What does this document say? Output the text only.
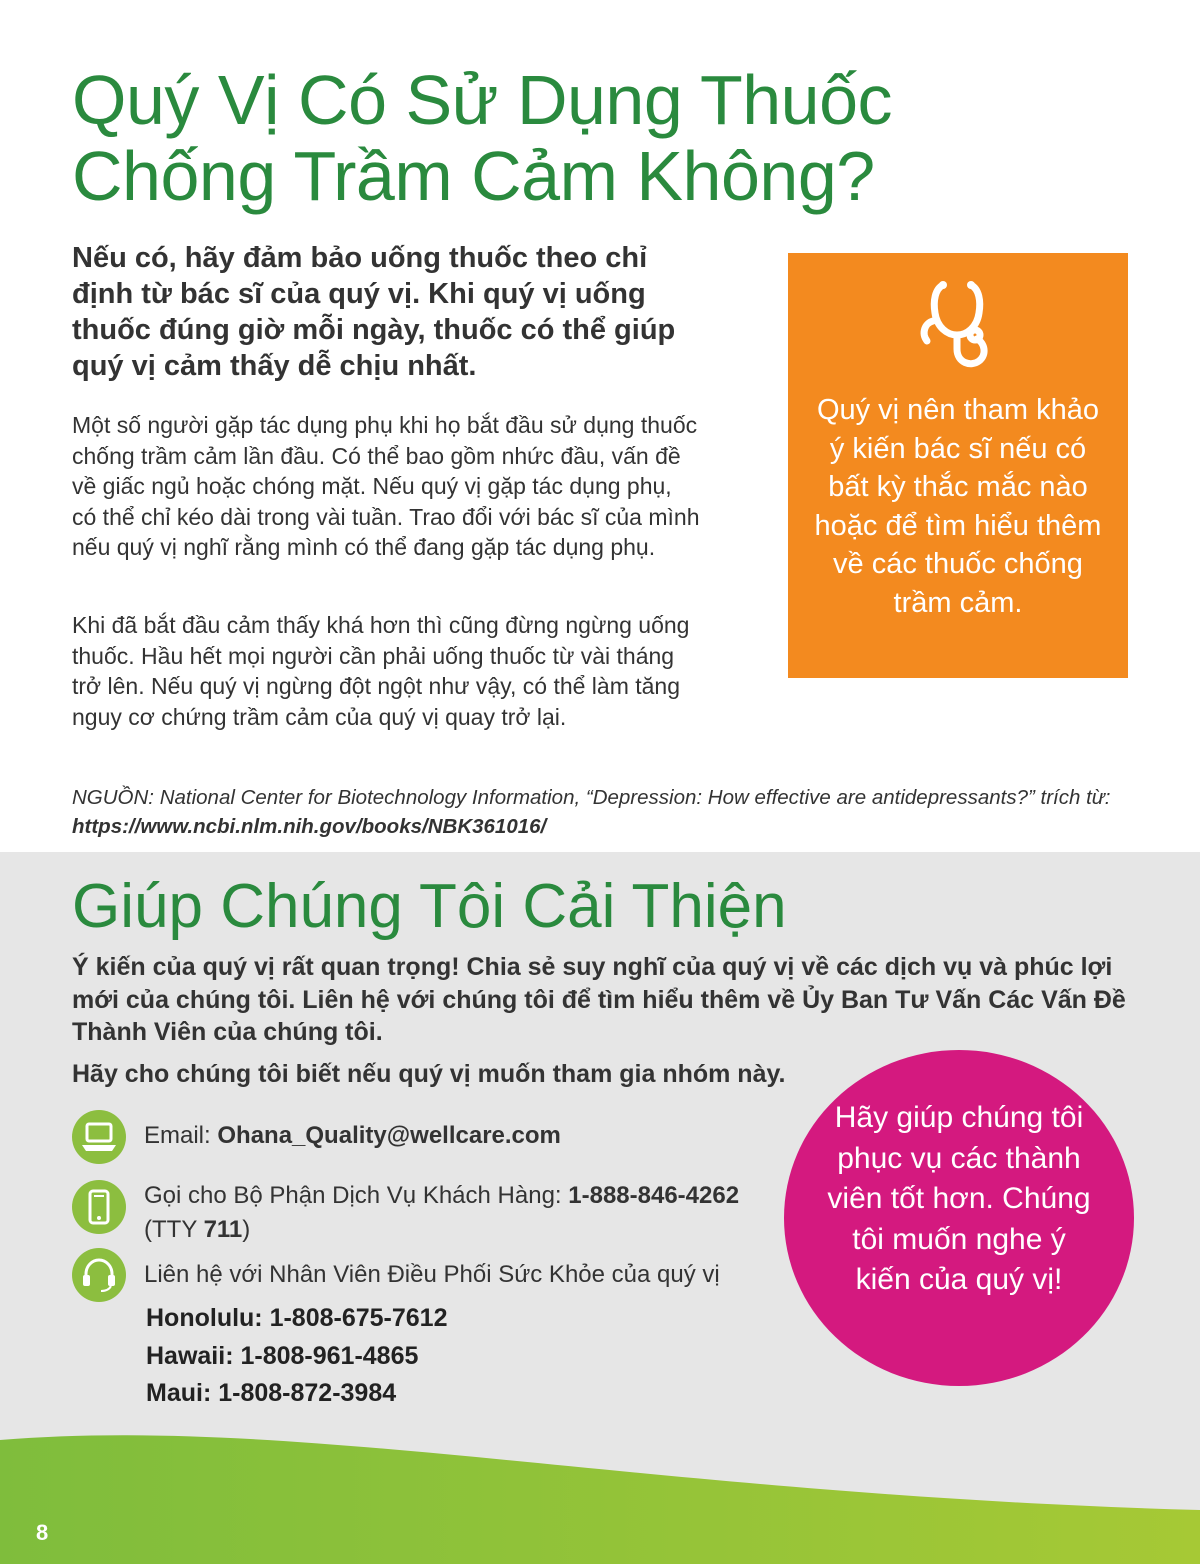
Quý Vị Có Sử Dụng Thuốc Chống Trầm Cảm Không?

Nếu có, hãy đảm bảo uống thuốc theo chỉ định từ bác sĩ của quý vị. Khi quý vị uống thuốc đúng giờ mỗi ngày, thuốc có thể giúp quý vị cảm thấy dễ chịu nhất.

Một số người gặp tác dụng phụ khi họ bắt đầu sử dụng thuốc chống trầm cảm lần đầu. Có thể bao gồm nhức đầu, vấn đề về giấc ngủ hoặc chóng mặt. Nếu quý vị gặp tác dụng phụ, có thể chỉ kéo dài trong vài tuần. Trao đổi với bác sĩ của mình nếu quý vị nghĩ rằng mình có thể đang gặp tác dụng phụ.

Khi đã bắt đầu cảm thấy khá hơn thì cũng đừng ngừng uống thuốc. Hầu hết mọi người cần phải uống thuốc từ vài tháng trở lên. Nếu quý vị ngừng đột ngột như vậy, có thể làm tăng nguy cơ chứng trầm cảm của quý vị quay trở lại.

Quý vị nên tham khảo ý kiến bác sĩ nếu có bất kỳ thắc mắc nào hoặc để tìm hiểu thêm về các thuốc chống trầm cảm.

NGUỒN: National Center for Biotechnology Information, “Depression: How effective are antidepressants?” trích từ:
https://www.ncbi.nlm.nih.gov/books/NBK361016/

Giúp Chúng Tôi Cải Thiện

Ý kiến của quý vị rất quan trọng! Chia sẻ suy nghĩ của quý vị về các dịch vụ và phúc lợi mới của chúng tôi. Liên hệ với chúng tôi để tìm hiểu thêm về Ủy Ban Tư Vấn Các Vấn Đề Thành Viên của chúng tôi.

Hãy cho chúng tôi biết nếu quý vị muốn tham gia nhóm này.

Email: Ohana_Quality@wellcare.com

Gọi cho Bộ Phận Dịch Vụ Khách Hàng: 1-888-846-4262
(TTY 711)

Liên hệ với Nhân Viên Điều Phối Sức Khỏe của quý vị

Honolulu: 1-808-675-7612

Hawaii: 1-808-961-4865

Maui: 1-808-872-3984

Hãy giúp chúng tôi phục vụ các thành viên tốt hơn. Chúng tôi muốn nghe ý kiến của quý vị!

8
